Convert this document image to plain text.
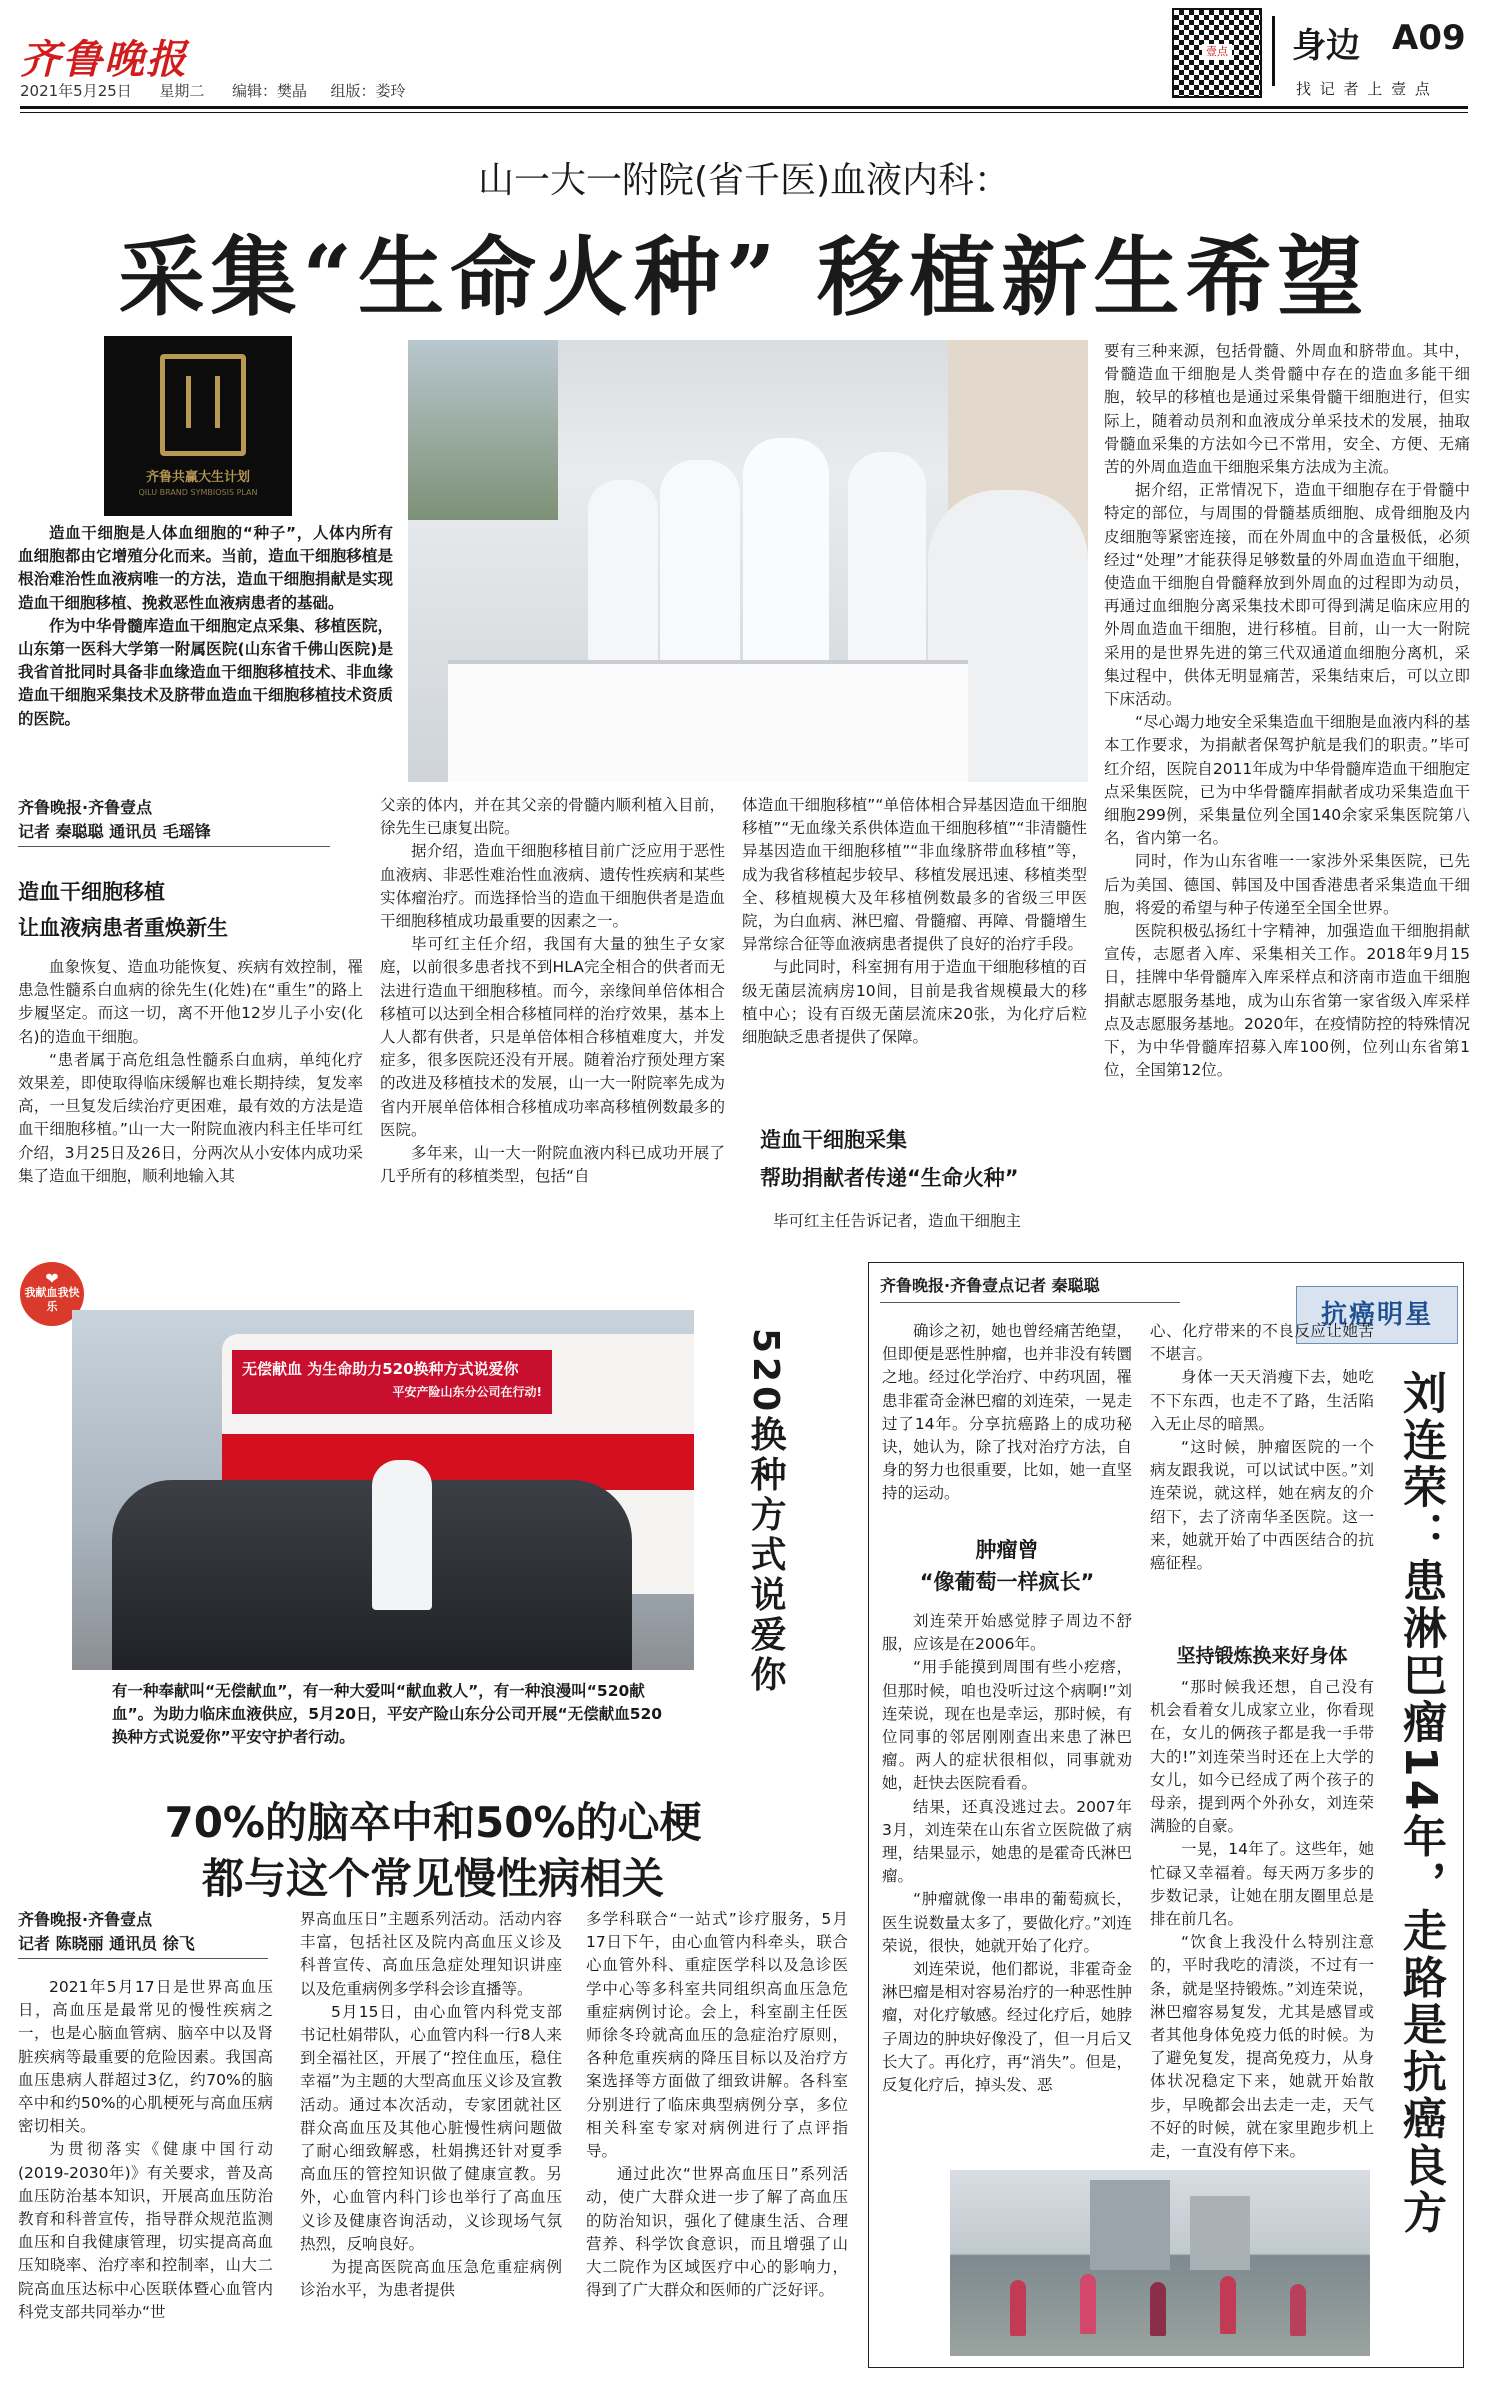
齐鲁晚报
2021年5月25日 星期二 编辑：樊晶 组版：娄玲
壹点 身边 A09
找 记 者 上 壹 点
山一大一附院(省千医)血液内科：
采集“生命火种” 移植新生希望
齐鲁共赢大生计划
QILU BRAND SYMBIOSIS PLAN

造血干细胞是人体血细胞的“种子”，人体内所有血细胞都由它增殖分化而来。当前，造血干细胞移植是根治难治性血液病唯一的方法，造血干细胞捐献是实现造血干细胞移植、挽救恶性血液病患者的基础。

作为中华骨髓库造血干细胞定点采集、移植医院，山东第一医科大学第一附属医院(山东省千佛山医院)是我省首批同时具备非血缘造血干细胞移植技术、非血缘造血干细胞采集技术及脐带血造血干细胞移植技术资质的医院。

齐鲁晚报·齐鲁壹点
记者 秦聪聪 通讯员 毛瑶锋
造血干细胞移植
让血液病患者重焕新生

血象恢复、造血功能恢复、疾病有效控制，罹患急性髓系白血病的徐先生(化姓)在“重生”的路上步履坚定。而这一切，离不开他12岁儿子小安(化名)的造血干细胞。

“患者属于高危组急性髓系白血病，单纯化疗效果差，即使取得临床缓解也难长期持续，复发率高，一旦复发后续治疗更困难，最有效的方法是造血干细胞移植。”山一大一附院血液内科主任毕可红介绍，3月25日及26日，分两次从小安体内成功采集了造血干细胞，顺利地输入其

父亲的体内，并在其父亲的骨髓内顺利植入目前，徐先生已康复出院。

据介绍，造血干细胞移植目前广泛应用于恶性血液病、非恶性难治性血液病、遗传性疾病和某些实体瘤治疗。而选择恰当的造血干细胞供者是造血干细胞移植成功最重要的因素之一。

毕可红主任介绍，我国有大量的独生子女家庭，以前很多患者找不到HLA完全相合的供者而无法进行造血干细胞移植。而今，亲缘间单倍体相合移植可以达到全相合移植同样的治疗效果，基本上人人都有供者，只是单倍体相合移植难度大，并发症多，很多医院还没有开展。随着治疗预处理方案的改进及移植技术的发展，山一大一附院率先成为省内开展单倍体相合移植成功率高移植例数最多的医院。

多年来，山一大一附院血液内科已成功开展了几乎所有的移植类型，包括“自

体造血干细胞移植”“单倍体相合异基因造血干细胞移植”“无血缘关系供体造血干细胞移植”“非清髓性异基因造血干细胞移植”“非血缘脐带血移植”等，成为我省移植起步较早、移植发展迅速、移植类型全、移植规模大及年移植例数最多的省级三甲医院，为白血病、淋巴瘤、骨髓瘤、再障、骨髓增生异常综合征等血液病患者提供了良好的治疗手段。

与此同时，科室拥有用于造血干细胞移植的百级无菌层流病房10间，目前是我省规模最大的移植中心；设有百级无菌层流床20张，为化疗后粒细胞缺乏患者提供了保障。

造血干细胞采集
帮助捐献者传递“生命火种”

毕可红主任告诉记者，造血干细胞主

要有三种来源，包括骨髓、外周血和脐带血。其中，骨髓造血干细胞是人类骨髓中存在的造血多能干细胞，较早的移植也是通过采集骨髓干细胞进行，但实际上，随着动员剂和血液成分单采技术的发展，抽取骨髓血采集的方法如今已不常用，安全、方便、无痛苦的外周血造血干细胞采集方法成为主流。

据介绍，正常情况下，造血干细胞存在于骨髓中特定的部位，与周围的骨髓基质细胞、成骨细胞及内皮细胞等紧密连接，而在外周血中的含量极低，必须经过“处理”才能获得足够数量的外周血造血干细胞，使造血干细胞自骨髓释放到外周血的过程即为动员，再通过血细胞分离采集技术即可得到满足临床应用的外周血造血干细胞，进行移植。目前，山一大一附院采用的是世界先进的第三代双通道血细胞分离机，采集过程中，供体无明显痛苦，采集结束后，可以立即下床活动。

“尽心竭力地安全采集造血干细胞是血液内科的基本工作要求，为捐献者保驾护航是我们的职责。”毕可红介绍，医院自2011年成为中华骨髓库造血干细胞定点采集医院，已为中华骨髓库捐献者成功采集造血干细胞299例，采集量位列全国140余家采集医院第八名，省内第一名。

同时，作为山东省唯一一家涉外采集医院，已先后为美国、德国、韩国及中国香港患者采集造血干细胞，将爱的希望与种子传递至全国全世界。

医院积极弘扬红十字精神，加强造血干细胞捐献宣传，志愿者入库、采集相关工作。2018年9月15日，挂牌中华骨髓库入库采样点和济南市造血干细胞捐献志愿服务基地，成为山东省第一家省级入库采样点及志愿服务基地。2020年，在疫情防控的特殊情况下，为中华骨髓库招募入库100例，位列山东省第1位，全国第12位。

❤
我献血我快乐
无偿献血 为生命助力520换种方式说爱你
平安产险山东分公司在行动!	520换种方式说爱你
有一种奉献叫“无偿献血”，有一种大爱叫“献血救人”，有一种浪漫叫“520献血”。为助力临床血液供应，5月20日，平安产险山东分公司开展“无偿献血520换种方式说爱你”平安守护者行动。
70%的脑卒中和50%的心梗
都与这个常见慢性病相关
齐鲁晚报·齐鲁壹点
记者 陈晓丽 通讯员 徐飞

2021年5月17日是世界高血压日，高血压是最常见的慢性疾病之一，也是心脑血管病、脑卒中以及肾脏疾病等最重要的危险因素。我国高血压患病人群超过3亿，约70%的脑卒中和约50%的心肌梗死与高血压病密切相关。

为贯彻落实《健康中国行动(2019-2030年)》有关要求，普及高血压防治基本知识，开展高血压防治教育和科普宣传，指导群众规范监测血压和自我健康管理，切实提高高血压知晓率、治疗率和控制率，山大二院高血压达标中心医联体暨心血管内科党支部共同举办“世

界高血压日”主题系列活动。活动内容丰富，包括社区及院内高血压义诊及科普宣传、高血压急症处理知识讲座以及危重病例多学科会诊直播等。

5月15日，由心血管内科党支部书记杜娟带队，心血管内科一行8人来到全福社区，开展了“控住血压，稳住幸福”为主题的大型高血压义诊及宣教活动。通过本次活动，专家团就社区群众高血压及其他心脏慢性病问题做了耐心细致解惑，杜娟携还针对夏季高血压的管控知识做了健康宣教。另外，心血管内科门诊也举行了高血压义诊及健康咨询活动，义诊现场气氛热烈，反响良好。

为提高医院高血压急危重症病例诊治水平，为患者提供

多学科联合“一站式”诊疗服务，5月17日下午，由心血管内科牵头，联合心血管外科、重症医学科以及急诊医学中心等多科室共同组织高血压急危重症病例讨论。会上，科室副主任医师徐冬玲就高血压的急症治疗原则，各种危重疾病的降压目标以及治疗方案选择等方面做了细致讲解。各科室分别进行了临床典型病例分享，多位相关科室专家对病例进行了点评指导。

通过此次“世界高血压日”系列活动，使广大群众进一步了解了高血压的防治知识，强化了健康生活、合理营养、科学饮食意识，而且增强了山大二院作为区域医疗中心的影响力，得到了广大群众和医师的广泛好评。

齐鲁晚报·齐鲁壹点记者 秦聪聪
抗癌明星
刘连荣：患淋巴瘤14年，走路是抗癌良方

确诊之初，她也曾经痛苦绝望，但即便是恶性肿瘤，也并非没有转圜之地。经过化学治疗、中药巩固，罹患非霍奇金淋巴瘤的刘连荣，一晃走过了14年。分享抗癌路上的成功秘诀，她认为，除了找对治疗方法，自身的努力也很重要，比如，她一直坚持的运动。

肿瘤曾
“像葡萄一样疯长”

刘连荣开始感觉脖子周边不舒服，应该是在2006年。

“用手能摸到周围有些小疙瘩，但那时候，咱也没听过这个病啊!”刘连荣说，现在也是幸运，那时候，有位同事的邻居刚刚查出来患了淋巴瘤。两人的症状很相似，同事就劝她，赶快去医院看看。

结果，还真没逃过去。2007年3月，刘连荣在山东省立医院做了病理，结果显示，她患的是霍奇氏淋巴瘤。

“肿瘤就像一串串的葡萄疯长，医生说数量太多了，要做化疗。”刘连荣说，很快，她就开始了化疗。

刘连荣说，他们都说，非霍奇金淋巴瘤是相对容易治疗的一种恶性肿瘤，对化疗敏感。经过化疗后，她脖子周边的肿块好像没了，但一月后又长大了。再化疗，再“消失”。但是，反复化疗后，掉头发、恶

心、化疗带来的不良反应让她苦不堪言。

身体一天天消瘦下去，她吃不下东西，也走不了路，生活陷入无止尽的暗黑。

“这时候，肿瘤医院的一个病友跟我说，可以试试中医。”刘连荣说，就这样，她在病友的介绍下，去了济南华圣医院。这一来，她就开始了中西医结合的抗癌征程。

坚持锻炼换来好身体

“那时候我还想，自己没有机会看着女儿成家立业，你看现在，女儿的俩孩子都是我一手带大的!”刘连荣当时还在上大学的女儿，如今已经成了两个孩子的母亲，提到两个外孙女，刘连荣满脸的自豪。

一晃，14年了。这些年，她忙碌又幸福着。每天两万多步的步数记录，让她在朋友圈里总是排在前几名。

“饮食上我没什么特别注意的，平时我吃的清淡，不过有一条，就是坚持锻炼。”刘连荣说，淋巴瘤容易复发，尤其是感冒或者其他身体免疫力低的时候。为了避免复发，提高免疫力，从身体状况稳定下来，她就开始散步，早晚都会出去走一走，天气不好的时候，就在家里跑步机上走，一直没有停下来。
